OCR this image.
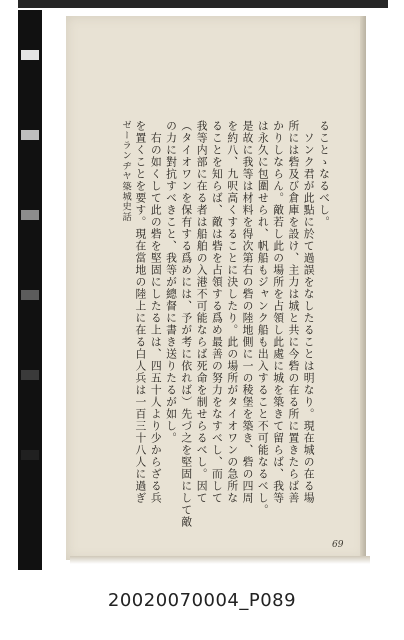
ることゝなるべし。

　ソンク君が此點に於て過誤をなしたることは明なり。現在城の在る場

所には砦及び倉庫を設け、主力は城と共に今砦の在る所に置きたらば善

かりしならん。敵若し此の場所を占領し此處に城を築きて留らば、我等

は永久に包圍せられ、帆船もジャンク船も出入すること不可能なるべし。

是故に我等は材料を得次第右の砦の陸地側に一の稜堡を築き、砦の四周

を約八、九呎高くすることに決したり。此の場所がタイオワンの急所な

ることを知らば、敵は砦を占領する爲め最善の努力をなすべし、而して

我等内部に在る者は船舶の入港不可能ならば死命を制せらるべし。因て

（タイオワンを保有する爲めには、予が考に依れば）先づ之を堅固にして敵

の力に對抗すべきこと、我等が總督に書き送りたるが如し。

　右の如くして此の砦を堅固にしたる上は、四五十人より少からざる兵

を置くことを要す。現在當地の陸上に在る白人兵は一百三十八人に過ぎ

ゼーランヂヤ築城史話

69
20020070004_P089
